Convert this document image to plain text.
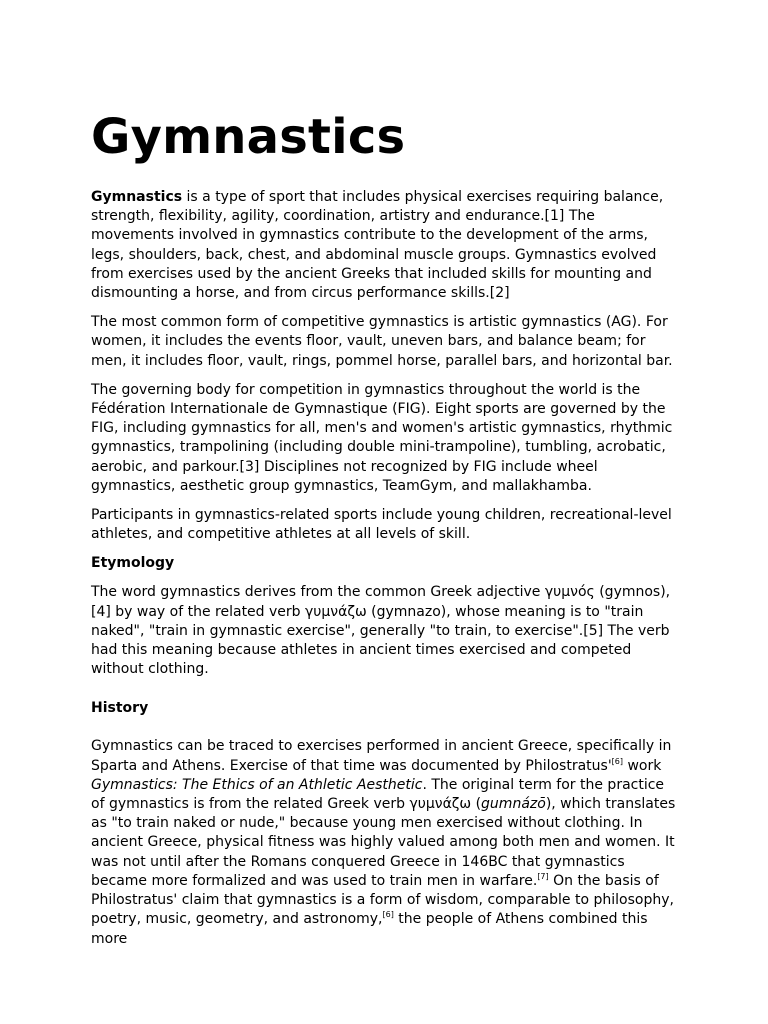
Gymnastics

Gymnastics is a type of sport that includes physical exercises requiring balance, strength, flexibility, agility, coordination, artistry and endurance.[1] The movements involved in gymnastics contribute to the development of the arms, legs, shoulders, back, chest, and abdominal muscle groups. Gymnastics evolved from exercises used by the ancient Greeks that included skills for mounting and dismounting a horse, and from circus performance skills.[2]

The most common form of competitive gymnastics is artistic gymnastics (AG). For women, it includes the events floor, vault, uneven bars, and balance beam; for men, it includes floor, vault, rings, pommel horse, parallel bars, and horizontal bar.

The governing body for competition in gymnastics throughout the world is the Fédération Internationale de Gymnastique (FIG). Eight sports are governed by the FIG, including gymnastics for all, men's and women's artistic gymnastics, rhythmic gymnastics, trampolining (including double mini-trampoline), tumbling, acrobatic, aerobic, and parkour.[3] Disciplines not recognized by FIG include wheel gymnastics, aesthetic group gymnastics, TeamGym, and mallakhamba.

Participants in gymnastics-related sports include young children, recreational-level athletes, and competitive athletes at all levels of skill.

Etymology

The word gymnastics derives from the common Greek adjective γυμνός (gymnos),[4] by way of the related verb γυμνάζω (gymnazo), whose meaning is to "train naked", "train in gymnastic exercise", generally "to train, to exercise".[5] The verb had this meaning because athletes in ancient times exercised and competed without clothing.

History

Gymnastics can be traced to exercises performed in ancient Greece, specifically in Sparta and Athens. Exercise of that time was documented by Philostratus'[6] work Gymnastics: The Ethics of an Athletic Aesthetic. The original term for the practice of gymnastics is from the related Greek verb γυμνάζω (gumnázō), which translates as "to train naked or nude," because young men exercised without clothing. In ancient Greece, physical fitness was highly valued among both men and women. It was not until after the Romans conquered Greece in 146BC that gymnastics became more formalized and was used to train men in warfare.[7] On the basis of Philostratus' claim that gymnastics is a form of wisdom, comparable to philosophy, poetry, music, geometry, and astronomy,[6] the people of Athens combined this more
